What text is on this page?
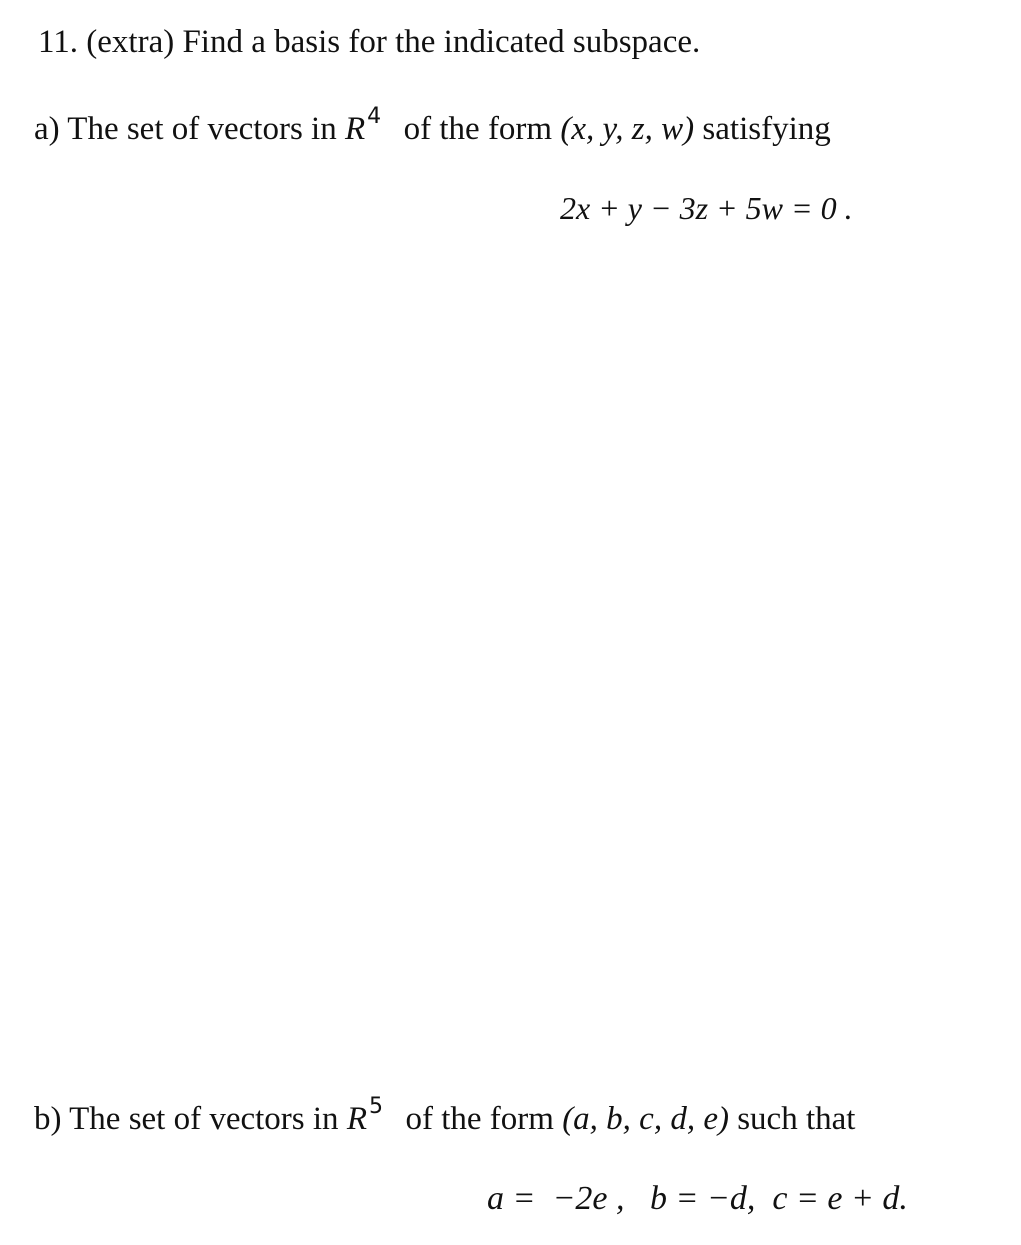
11. (extra) Find a basis for the indicated subspace.
a) The set of vectors in $R^4$ of the form (x, y, z, w) satisfying
2x + y − 3z + 5w = 0 .
b) The set of vectors in $R^5$ of the form (a, b, c, d, e) such that

a =  −2e ,   b = −d,  c = e + d.
